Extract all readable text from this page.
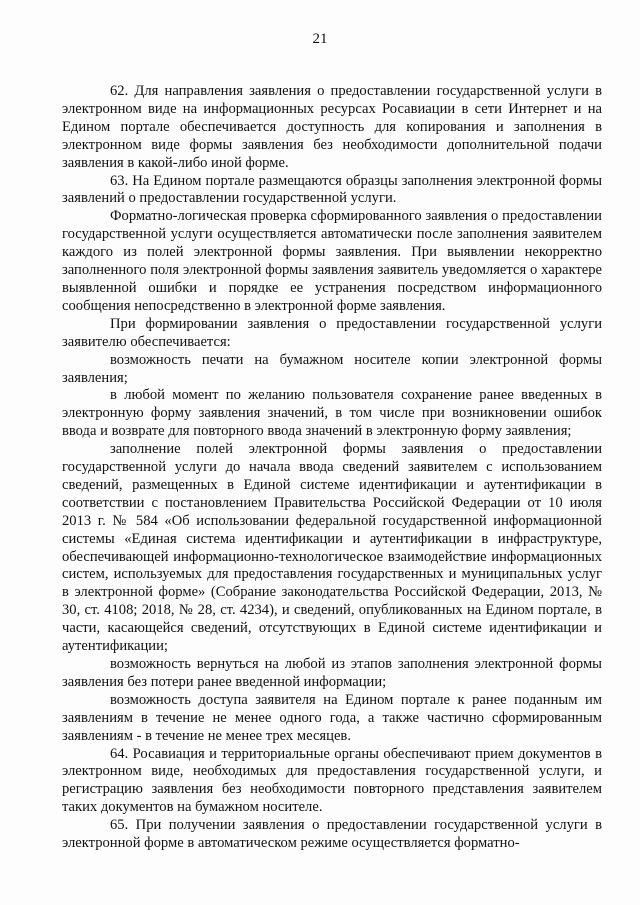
21

62. Для направления заявления о предоставлении государственной услуги в электронном виде на информационных ресурсах Росавиации в сети Интернет и на Едином портале обеспечивается доступность для копирования и заполнения в электронном виде формы заявления без необходимости дополнительной подачи заявления в какой-либо иной форме.

63. На Едином портале размещаются образцы заполнения электронной формы заявлений о предоставлении государственной услуги.

Форматно-логическая проверка сформированного заявления о предоставлении государственной услуги осуществляется автоматически после заполнения заявителем каждого из полей электронной формы заявления. При выявлении некорректно заполненного поля электронной формы заявления заявитель уведомляется о характере выявленной ошибки и порядке ее устранения посредством информационного сообщения непосредственно в электронной форме заявления.

При формировании заявления о предоставлении государственной услуги заявителю обеспечивается:

возможность печати на бумажном носителе копии электронной формы заявления;

в любой момент по желанию пользователя сохранение ранее введенных в электронную форму заявления значений, в том числе при возникновении ошибок ввода и возврате для повторного ввода значений в электронную форму заявления;

заполнение полей электронной формы заявления о предоставлении государственной услуги до начала ввода сведений заявителем с использованием сведений, размещенных в Единой системе идентификации и аутентификации в соответствии с постановлением Правительства Российской Федерации от 10 июля 2013 г. № 584 «Об использовании федеральной государственной информационной системы «Единая система идентификации и аутентификации в инфраструктуре, обеспечивающей информационно-технологическое взаимодействие информационных систем, используемых для предоставления государственных и муниципальных услуг в электронной форме» (Собрание законодательства Российской Федерации, 2013, № 30, ст. 4108; 2018, № 28, ст. 4234), и сведений, опубликованных на Едином портале, в части, касающейся сведений, отсутствующих в Единой системе идентификации и аутентификации;

возможность вернуться на любой из этапов заполнения электронной формы заявления без потери ранее введенной информации;

возможность доступа заявителя на Едином портале к ранее поданным им заявлениям в течение не менее одного года, а также частично сформированным заявлениям - в течение не менее трех месяцев.

64. Росавиация и территориальные органы обеспечивают прием документов в электронном виде, необходимых для предоставления государственной услуги, и регистрацию заявления без необходимости повторного представления заявителем таких документов на бумажном носителе.

65. При получении заявления о предоставлении государственной услуги в электронной форме в автоматическом режиме осуществляется форматно-
